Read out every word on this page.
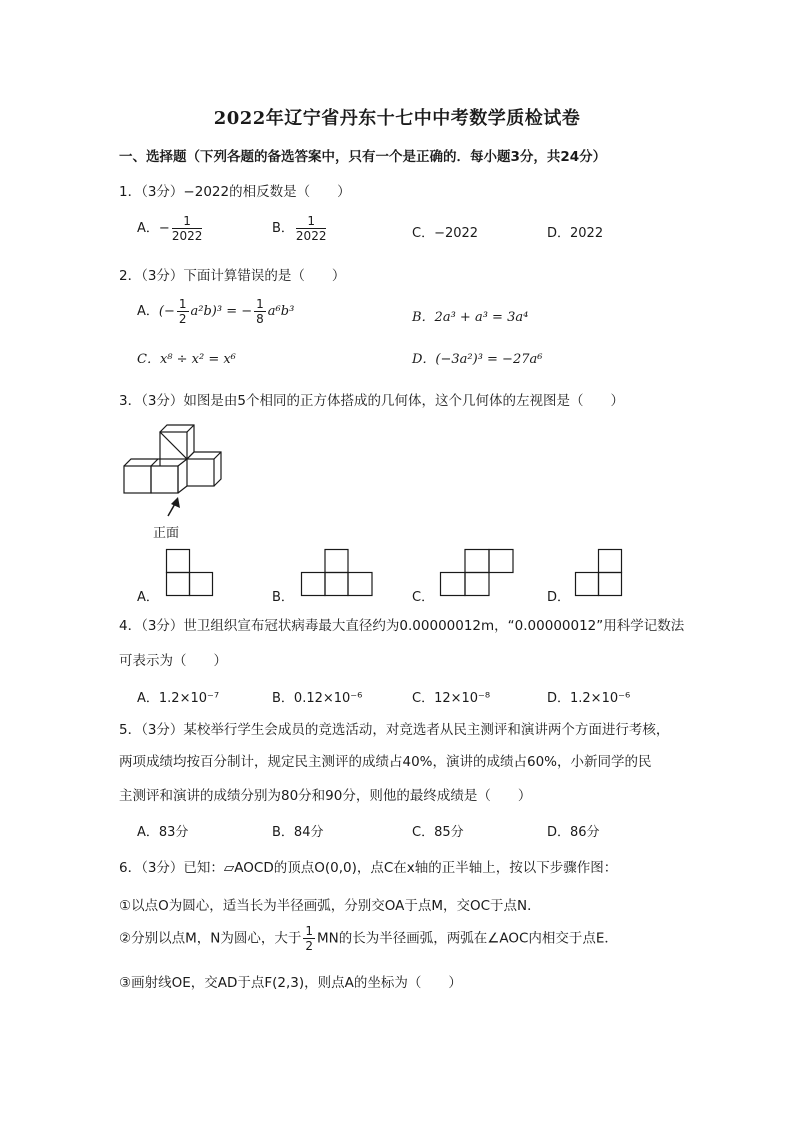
2022年辽宁省丹东十七中中考数学质检试卷
一、选择题（下列各题的备选答案中，只有一个是正确的．每小题3分，共24分）
1．（3分）−2022的相反数是（　　）
A．− $\frac{1}{2022}$	B． $\frac{1}{2022}$	C．−2022	D．2022
2．（3分）下面计算错误的是（　　）
A．(− $\frac{1}{2} a^2b)^3$ = − $\frac{1}{8} a^6b^3$	B．2a³ + a³ = 3a⁴
C．x⁸ ÷ x² = x⁶	D．(−3a²)³ = −27a⁶
3．（3分）如图是由5个相同的正方体搭成的几何体，这个几何体的左视图是（　　）
正面
A．	B．	C．	D．
4．（3分）世卫组织宣布冠状病毒最大直径约为0.00000012m，“0.00000012”用科学记数法
可表示为（　　）
A．1.2×10⁻⁷	B．0.12×10⁻⁶	C．12×10⁻⁸	D．1.2×10⁻⁶
5．（3分）某校举行学生会成员的竞选活动，对竞选者从民主测评和演讲两个方面进行考核，
两项成绩均按百分制计，规定民主测评的成绩占40%，演讲的成绩占60%，小新同学的民
主测评和演讲的成绩分别为80分和90分，则他的最终成绩是（　　）
A．83分	B．84分	C．85分	D．86分
6．（3分）已知：▱AOCD的顶点O(0,0)，点C在x轴的正半轴上，按以下步骤作图：
①以点O为圆心，适当长为半径画弧，分别交OA于点M，交OC于点N．
②分别以点M，N为圆心，大于 $\frac{1}{2}$ MN的长为半径画弧，两弧在∠AOC内相交于点E．
③画射线OE，交AD于点F(2,3)，则点A的坐标为（　　）
